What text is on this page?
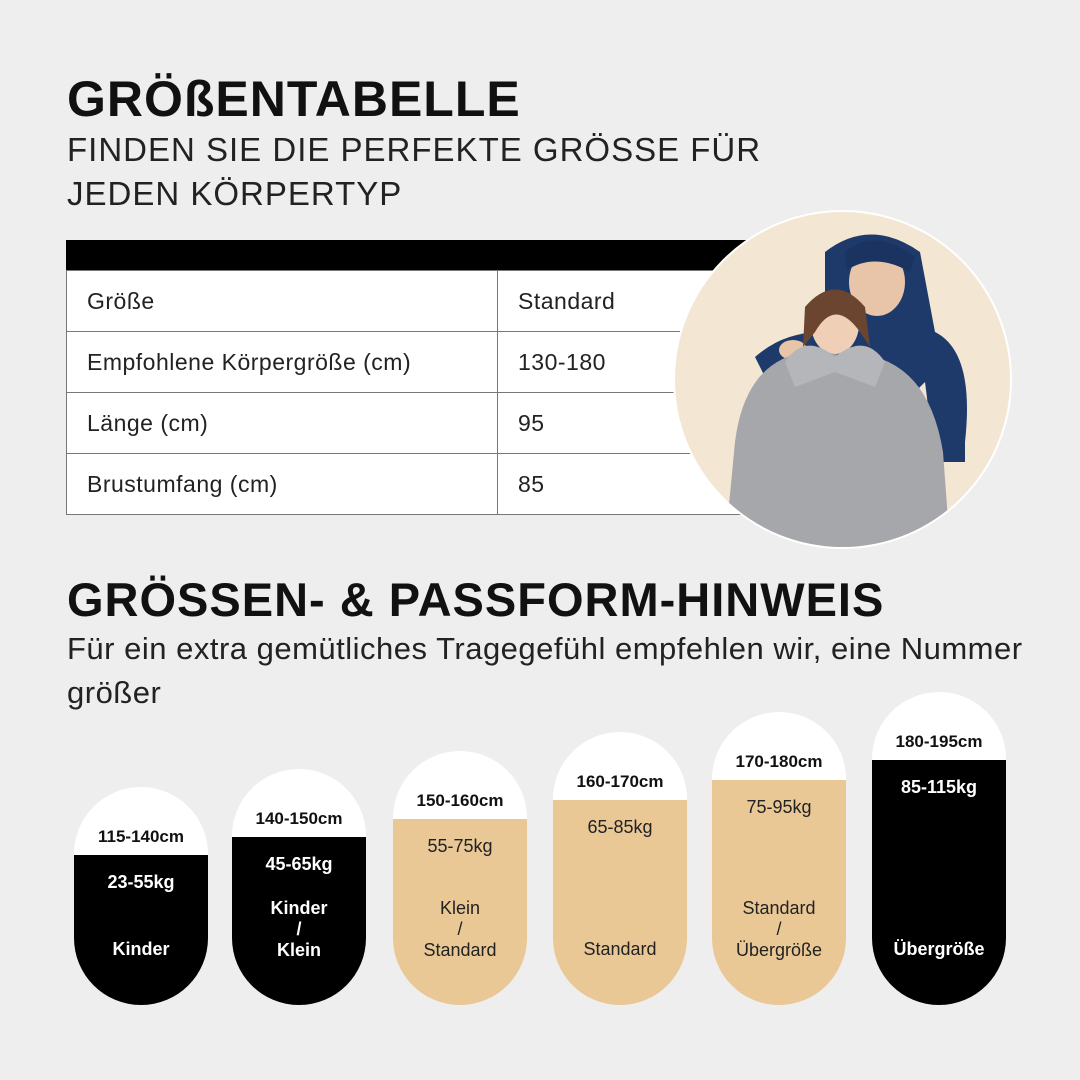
GRÖßENTABELLE
FINDEN SIE DIE PERFEKTE GRÖSSE FÜR JEDEN KÖRPERTYP
Größe	Standard
Empfohlene Körpergröße (cm)	130-180
Länge (cm)	95
Brustumfang (cm)	85
GRÖSSEN- & PASSFORM-HINWEIS
Für ein extra gemütliches Tragegefühl empfehlen wir, eine Nummer größer
115-140cm
23-55kg
Kinder
140-150cm
45-65kg
Kinder
/
Klein
150-160cm
55-75kg
Klein
/
Standard
160-170cm
65-85kg
Standard
170-180cm
75-95kg
Standard
/
Übergröße
180-195cm
85-115kg
Übergröße
